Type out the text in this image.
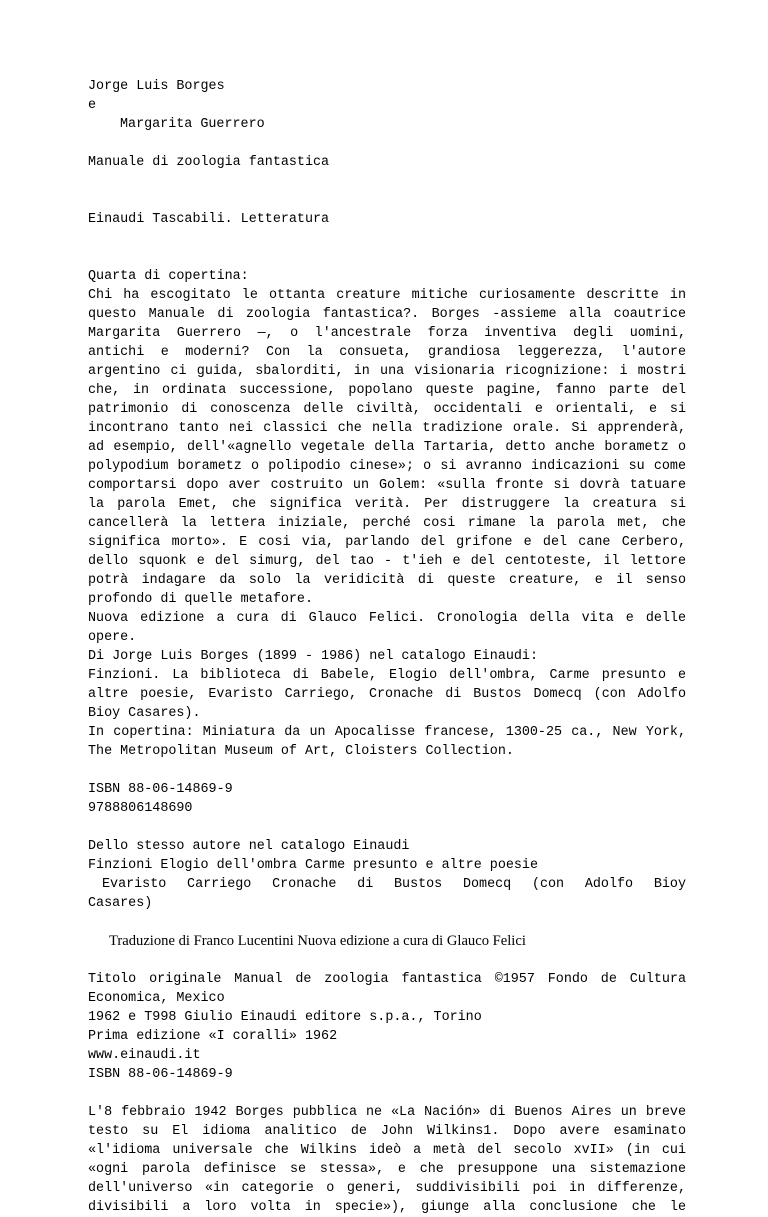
Jorge Luis Borges
e
Margarita Guerrero
Manuale di zoologia fantastica
Einaudi Tascabili. Letteratura
Quarta di copertina:
Chi ha escogitato le ottanta creature mitiche curiosamente descritte in
questo Manuale di zoologia fantastica?. Borges -assieme alla coautrice
Margarita Guerrero —, o l'ancestrale forza inventiva degli uomini,
antichi e moderni? Con la consueta, grandiosa leggerezza, l'autore
argentino ci guida, sbalorditi, in una visionaria ricognizione: i mostri
che, in ordinata successione, popolano queste pagine, fanno parte del
patrimonio di conoscenza delle civiltà, occidentali e orientali, e si
incontrano tanto nei classici che nella tradizione orale. Si apprenderà,
ad esempio, dell'«agnello vegetale della Tartaria, detto anche borametz o
polypodium borametz o polipodio cinese»; o si avranno indicazioni su come
comportarsi dopo aver costruito un Golem: «sulla fronte si dovrà tatuare
la parola Emet, che significa verità. Per distruggere la creatura si
cancellerà la lettera iniziale, perché cosi rimane la parola met, che
significa morto». E cosi via, parlando del grifone e del cane Cerbero,
dello squonk e del simurg, del tao - t'ieh e del centoteste, il lettore
potrà indagare da solo la veridicità di queste creature, e il senso
profondo di quelle metafore.
Nuova edizione a cura di Glauco Felici. Cronologia della vita e delle
opere.
Di Jorge Luis Borges (1899 - 1986) nel catalogo Einaudi:
Finzioni. La biblioteca di Babele, Elogio dell'ombra, Carme presunto e
altre poesie, Evaristo Carriego, Cronache di Bustos Domecq (con Adolfo
Bioy Casares).
In copertina: Miniatura da un Apocalisse francese, 1300-25 ca., New York,
The Metropolitan Museum of Art, Cloisters Collection.
ISBN 88-06-14869-9
9788806148690
Dello stesso autore nel catalogo Einaudi
Finzioni Elogio dell'ombra Carme presunto e altre poesie
Evaristo Carriego Cronache di Bustos Domecq (con Adolfo Bioy
Casares)
Traduzione di Franco Lucentini Nuova edizione a cura di Glauco Felici
Titolo originale Manual de zoologia fantastica ©1957 Fondo de Cultura
Economica, Mexico
1962 e T998 Giulio Einaudi editore s.p.a., Torino
Prima edizione «I coralli» 1962
www.einaudi.it
ISBN 88-06-14869-9
L'8 febbraio 1942 Borges pubblica ne «La Nación» di Buenos Aires un breve
testo su El idioma analitico de John Wilkins1. Dopo avere esaminato
«l'idioma universale che Wilkins ideò a metà del secolo xvII» (in cui
«ogni parola definisce se stessa», e che presuppone una sistemazione
dell'universo «in categorie o generi, suddivisibili poi in differenze,
divisibili a loro volta in specie»), giunge alla conclusione che le
